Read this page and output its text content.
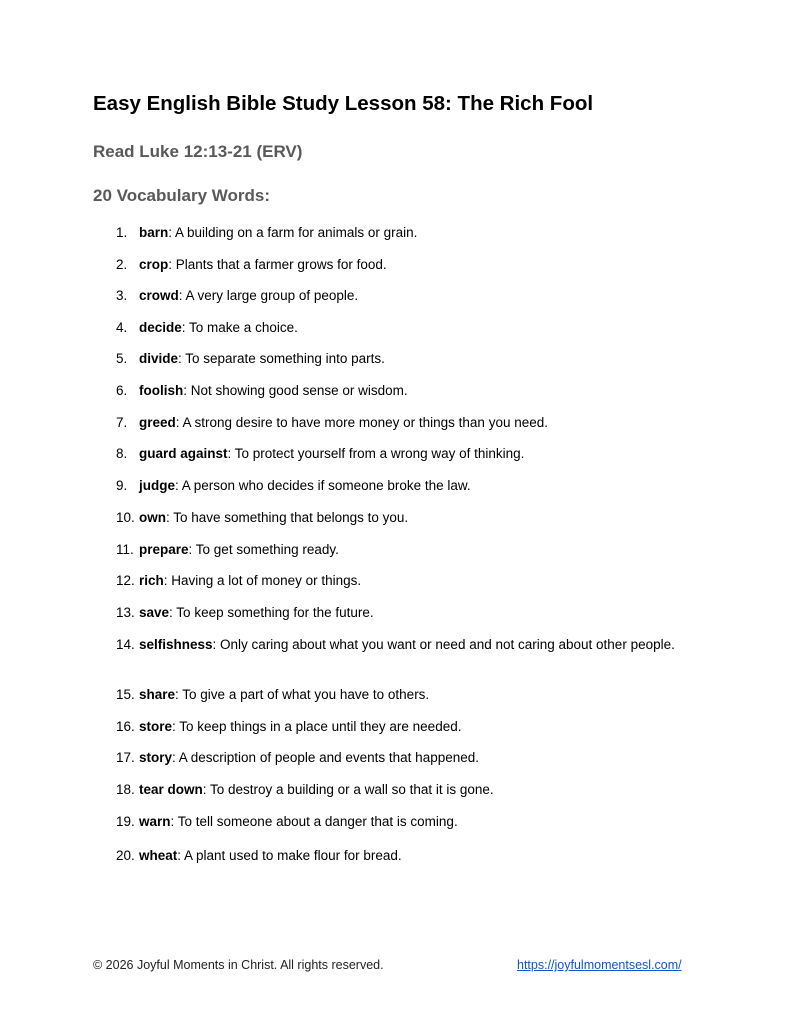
Easy English Bible Study Lesson 58: The Rich Fool
Read Luke 12:13-21 (ERV)
20 Vocabulary Words:
1. barn: A building on a farm for animals or grain.
2. crop: Plants that a farmer grows for food.
3. crowd: A very large group of people.
4. decide: To make a choice.
5. divide: To separate something into parts.
6. foolish: Not showing good sense or wisdom.
7. greed: A strong desire to have more money or things than you need.
8. guard against: To protect yourself from a wrong way of thinking.
9. judge: A person who decides if someone broke the law.
10. own: To have something that belongs to you.
11. prepare: To get something ready.
12. rich: Having a lot of money or things.
13. save: To keep something for the future.
14. selfishness: Only caring about what you want or need and not caring about other people.
15. share: To give a part of what you have to others.
16. store: To keep things in a place until they are needed.
17. story: A description of people and events that happened.
18. tear down: To destroy a building or a wall so that it is gone.
19. warn: To tell someone about a danger that is coming.
20. wheat: A plant used to make flour for bread.
© 2026 Joyful Moments in Christ. All rights reserved.	https://joyfulmomentsesl.com/
